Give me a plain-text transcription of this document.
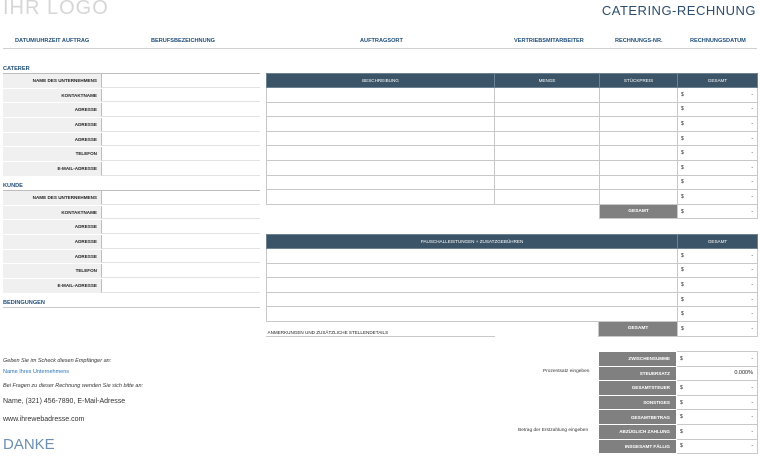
IHR LOGO	CATERING-RECHNUNG
DATUM/UHRZEIT AUFTRAG	BERUFSBEZEICHNUNG	AUFTRAGSORT	VERTRIEBSMITARBEITER	RECHNUNGS-NR.	RECHNUNGSDATUM
CATERER
NAME DES UNTERNEHMENS
KONTAKTNAME
ADRESSE
ADRESSE
ADRESSE
TELEFON
E-MAIL-ADRESSE
KUNDE
NAME DES UNTERNEHMENS
KONTAKTNAME
ADRESSE
ADRESSE
ADRESSE
TELEFON
E-MAIL-ADRESSE
BEDINGUNGEN
BESCHREIBUNG	MENGE	STÜCKPREIS	GESAMT

			$ -

			$ -

			$ -

			$ -

			$ -

			$ -

			$ -

			$ -

		GESAMT	$ -
PAUSCHALLEISTUNGEN + ZUSATZGEBÜHREN		GESAMT

		$ -

		$ -

		$ -

		$ -

		$ -

ANMERKUNGEN UND ZUSÄTZLICHE STELLENDETAILS	GESAMT	$ -
Geben Sie im Scheck diesen Empfänger an:
Name Ihres Unternehmens
Bei Fragen zu dieser Rechnung wenden Sie sich bitte an:
Name, (321) 456-7890, E-Mail-Adresse
www.ihrewebadresse.com
DANKE
Prozentsatz eingeben
Betrag der Erstzahlung eingeben
ZWISCHENSUMME	$ -

STEUERSATZ	0.000%
GESAMTSTEUER	$ -

SONSTIGES	$ -

GESAMTBETRAG	$ -

ABZÜGLICH ZAHLUNG	$ -

INSGESAMT FÄLLIG	$ -
